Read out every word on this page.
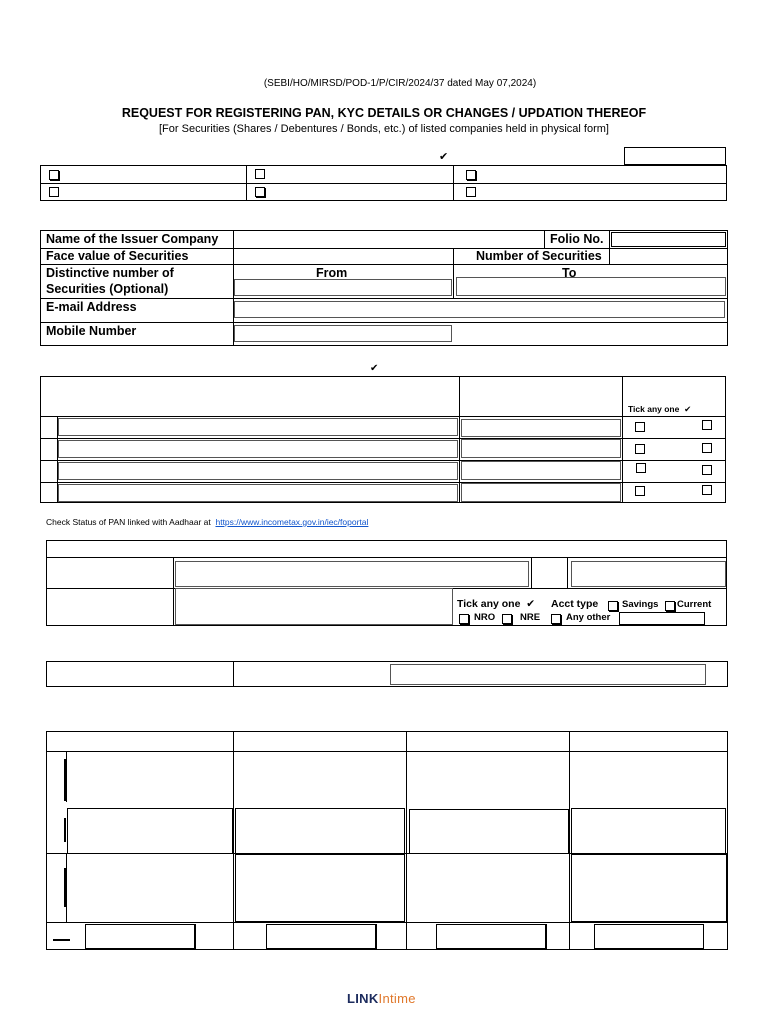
(SEBI/HO/MIRSD/POD-1/P/CIR/2024/37 dated May 07,2024)
REQUEST FOR REGISTERING PAN, KYC DETAILS OR CHANGES / UPDATION THEREOF
[For Securities (Shares / Debentures / Bonds, etc.) of listed companies held in physical form]
✔
Name of the Issuer Company	Folio No.
Face value of Securities	Number of Securities
Distinctive number of
Securities (Optional)
From	To
E-mail Address
Mobile Number
✔
Tick any one ✔
Check Status of PAN linked with Aadhaar at https://www.incometax.gov.in/iec/foportal
Tick any one ✔ Acct type Savings Current
NRO	NRE	Any other
LINKIntime
